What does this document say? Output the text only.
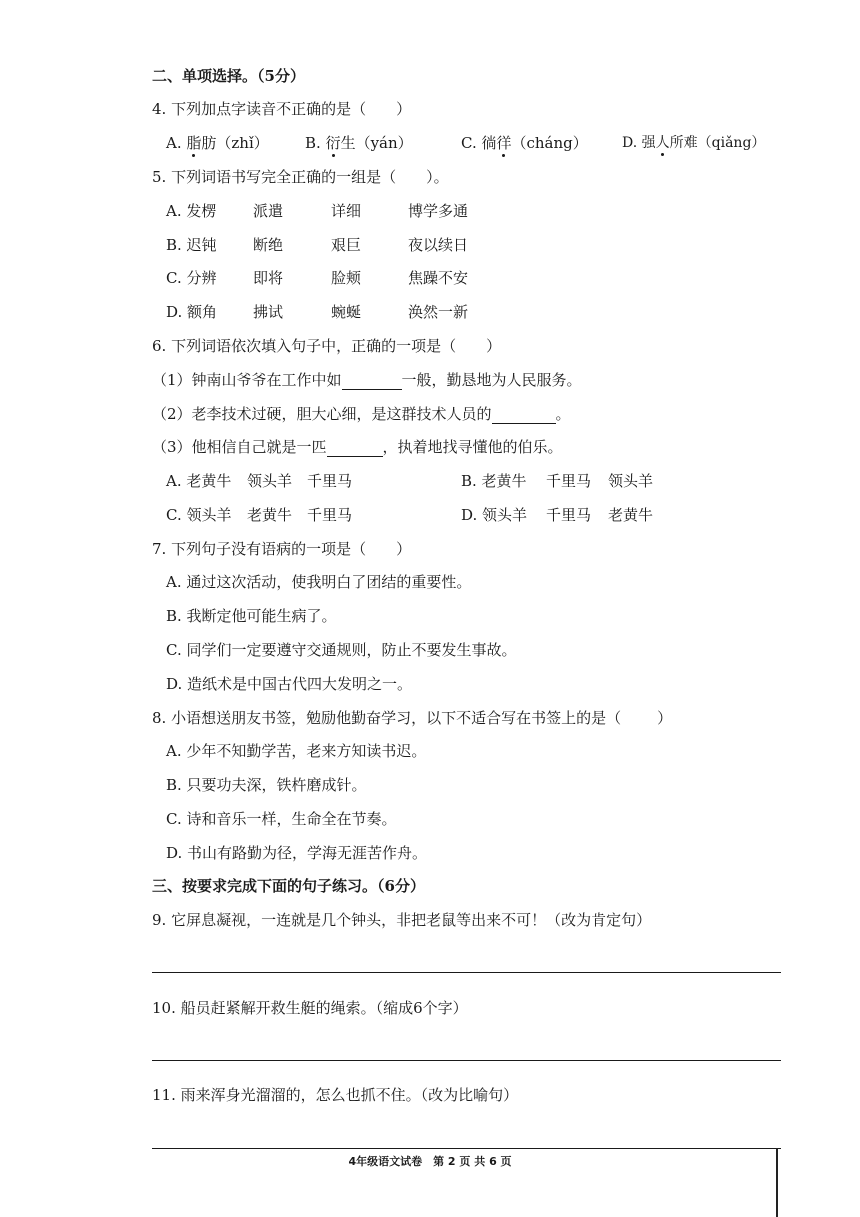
二、单项选择。（5分）
4. 下列加点字读音不正确的是（ ）
A. 脂肪（zhǐ） B. 衍生（yán）	C. 徜徉（cháng） D. 强人所难（qiǎng）
5. 下列词语书写完全正确的一组是（ ）。
A. 发楞 派遣	详细	博学多通
B. 迟钝 断绝	艰巨	夜以续日
C. 分辨 即将	脸颊	焦躁不安
D. 额角 拂试	蜿蜒	涣然一新
6. 下列词语依次填入句子中，正确的一项是（ ）
（1）钟南山爷爷在工作中如	一般，勤恳地为人民服务。
（2）老李技术过硬，胆大心细，是这群技术人员的	。
（3）他相信自己就是一匹	，执着地找寻懂他的伯乐。
A. 老黄牛 领头羊 千里马	B. 老黄牛 千里马 领头羊
C. 领头羊 老黄牛 千里马	D. 领头羊 千里马 老黄牛
7. 下列句子没有语病的一项是（ ）
A. 通过这次活动，使我明白了团结的重要性。
B. 我断定他可能生病了。
C. 同学们一定要遵守交通规则，防止不要发生事故。
D. 造纸术是中国古代四大发明之一。
8. 小语想送朋友书签，勉励他勤奋学习，以下不适合写在书签上的是（ ）
A. 少年不知勤学苦，老来方知读书迟。
B. 只要功夫深，铁杵磨成针。
C. 诗和音乐一样，生命全在节奏。
D. 书山有路勤为径，学海无涯苦作舟。
三、按要求完成下面的句子练习。（6分）
9. 它屏息凝视，一连就是几个钟头，非把老鼠等出来不可！（改为肯定句）
10. 船员赶紧解开救生艇的绳索。（缩成6个字）
11. 雨来浑身光溜溜的，怎么也抓不住。（改为比喻句）
4年级语文试卷　第 2 页 共 6 页
